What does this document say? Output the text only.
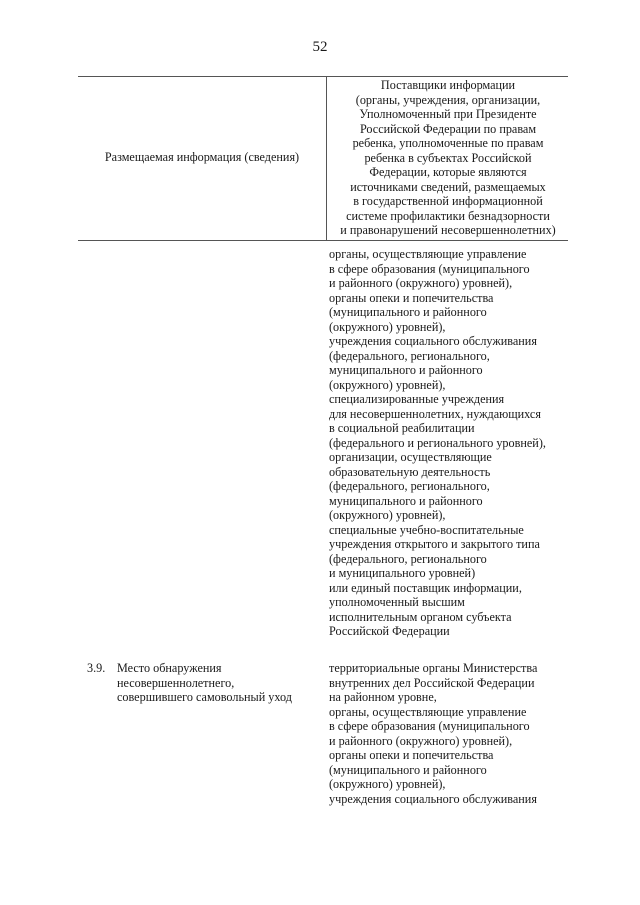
52
Размещаемая информация (сведения)
Поставщики информации
(органы, учреждения, организации,
Уполномоченный при Президенте
Российской Федерации по правам
ребенка, уполномоченные по правам
ребенка в субъектах Российской
Федерации, которые являются
источниками сведений, размещаемых
в государственной информационной
системе профилактики безнадзорности
и правонарушений несовершеннолетних)
органы, осуществляющие управление
в сфере образования (муниципального
и районного (окружного) уровней),
органы опеки и попечительства
(муниципального и районного
(окружного) уровней),
учреждения социального обслуживания
(федерального, регионального,
муниципального и районного
(окружного) уровней),
специализированные учреждения
для несовершеннолетних, нуждающихся
в социальной реабилитации
(федерального и регионального уровней),
организации, осуществляющие
образовательную деятельность
(федерального, регионального,
муниципального и районного
(окружного) уровней),
специальные учебно-воспитательные
учреждения открытого и закрытого типа
(федерального, регионального
и муниципального уровней)
или единый поставщик информации,
уполномоченный высшим
исполнительным органом субъекта
Российской Федерации
3.9. Место обнаружения
несовершеннолетнего,
совершившего самовольный уход
территориальные органы Министерства
внутренних дел Российской Федерации
на районном уровне,
органы, осуществляющие управление
в сфере образования (муниципального
и районного (окружного) уровней),
органы опеки и попечительства
(муниципального и районного
(окружного) уровней),
учреждения социального обслуживания
